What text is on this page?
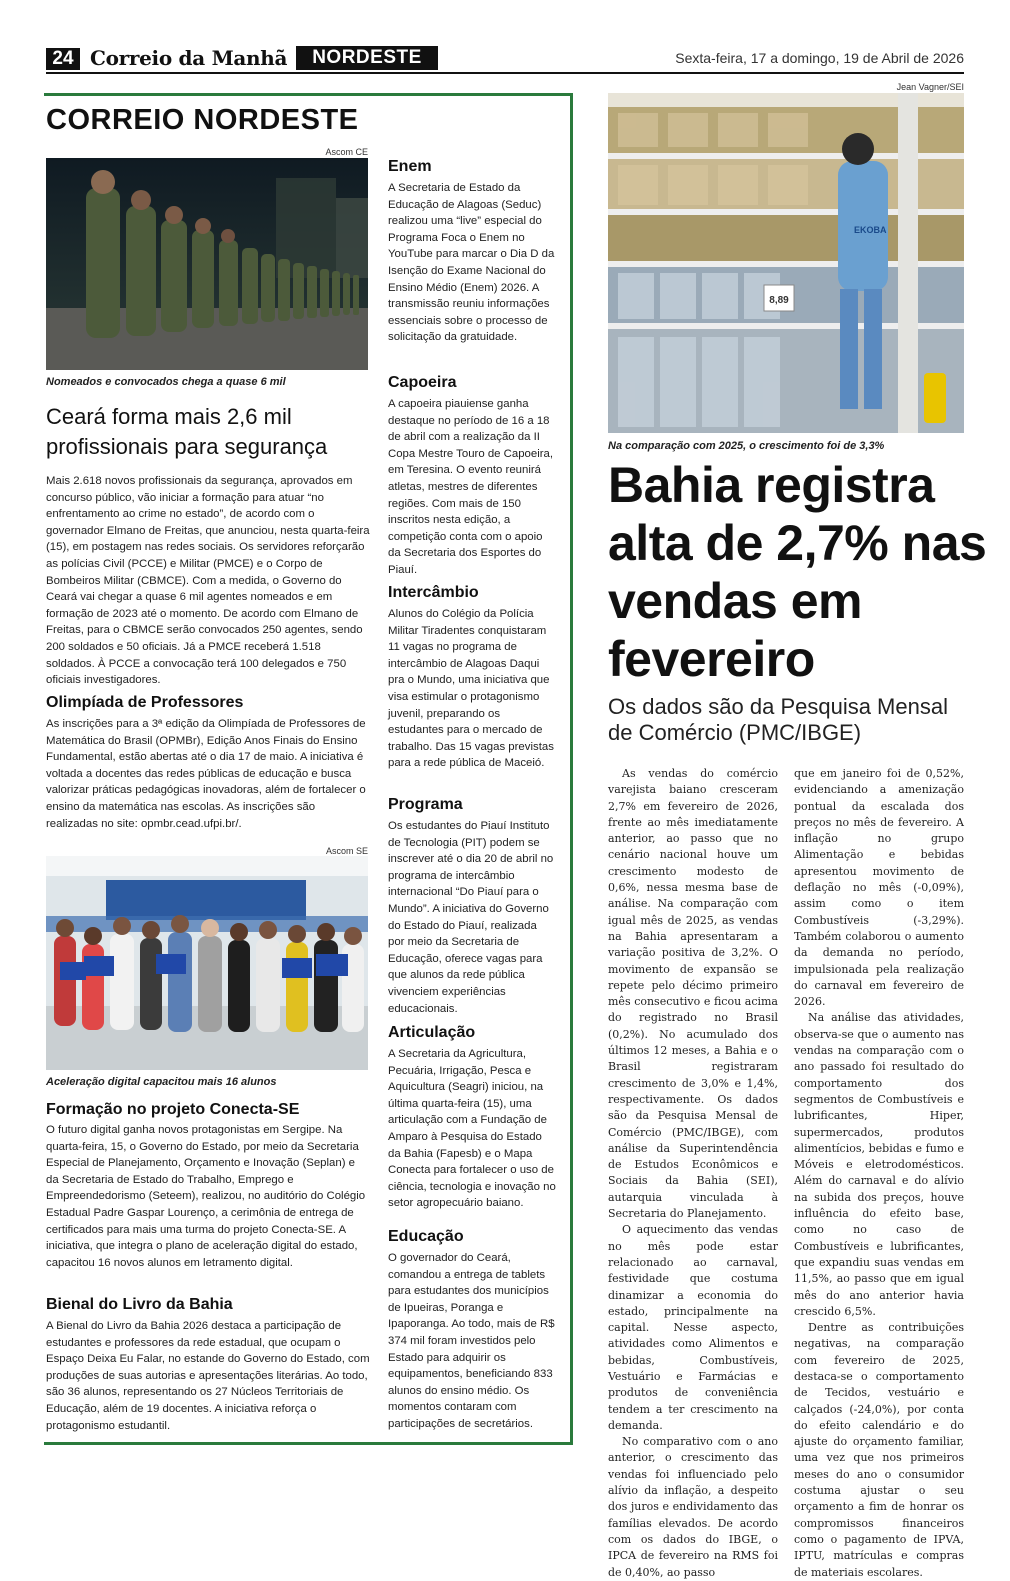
24 Correio da Manhã	NORDESTE	Sexta-feira, 17 a domingo, 19 de Abril de 2026
CORREIO NORDESTE
Ascom CE
Nomeados e convocados chega a quase 6 mil
Ceará forma mais 2,6 mil profissionais para segurança
Mais 2.618 novos profissionais da segurança, aprovados em concurso público, vão iniciar a formação para atuar “no enfrentamento ao crime no estado”, de acordo com o governador Elmano de Freitas, que anunciou, nesta quarta-feira (15), em postagem nas redes sociais. Os servidores reforçarão as polícias Civil (PCCE) e Militar (PMCE) e o Corpo de Bombeiros Militar (CBMCE). Com a medida, o Governo do Ceará vai chegar a quase 6 mil agentes nomeados e em formação de 2023 até o momento. De acordo com Elmano de Freitas, para o CBMCE serão convocados 250 agentes, sendo 200 soldados e 50 oficiais. Já a PMCE receberá 1.518 soldados. À PCCE a convocação terá 100 delegados e 750 oficiais investigadores.
Olimpíada de Professores
As inscrições para a 3ª edição da Olimpíada de Professores de Matemática do Brasil (OPMBr), Edição Anos Finais do Ensino Fundamental, estão abertas até o dia 17 de maio. A iniciativa é voltada a docentes das redes públicas de educação e busca valorizar práticas pedagógicas inovadoras, além de fortalecer o ensino da matemática nas escolas. As inscrições são realizadas no site: opmbr.cead.ufpi.br/.
Ascom SE
Aceleração digital capacitou mais 16 alunos
Formação no projeto Conecta-SE
O futuro digital ganha novos protagonistas em Sergipe. Na quarta-feira, 15, o Governo do Estado, por meio da Secretaria Especial de Planejamento, Orçamento e Inovação (Seplan) e da Secretaria de Estado do Trabalho, Emprego e Empreendedorismo (Seteem), realizou, no auditório do Colégio Estadual Padre Gaspar Lourenço, a cerimônia de entrega de certificados para mais uma turma do projeto Conecta-SE. A iniciativa, que integra o plano de aceleração digital do estado, capacitou 16 novos alunos em letramento digital.
Bienal do Livro da Bahia
A Bienal do Livro da Bahia 2026 destaca a participação de estudantes e professores da rede estadual, que ocupam o Espaço Deixa Eu Falar, no estande do Governo do Estado, com produções de suas autorias e apresentações literárias. Ao todo, são 36 alunos, representando os 27 Núcleos Territoriais de Educação, além de 19 docentes. A iniciativa reforça o protagonismo estudantil.
Enem
A Secretaria de Estado da Educação de Alagoas (Seduc) realizou uma “live” especial do Programa Foca o Enem no YouTube para marcar o Dia D da Isenção do Exame Nacional do Ensino Médio (Enem) 2026. A transmissão reuniu informações essenciais sobre o processo de solicitação da gratuidade.
Capoeira
A capoeira piauiense ganha destaque no período de 16 a 18 de abril com a realização da II Copa Mestre Touro de Capoeira, em Teresina. O evento reunirá atletas, mestres de diferentes regiões. Com mais de 150 inscritos nesta edição, a competição conta com o apoio da Secretaria dos Esportes do Piauí.
Intercâmbio
Alunos do Colégio da Polícia Militar Tiradentes conquistaram 11 vagas no programa de intercâmbio de Alagoas Daqui pra o Mundo, uma iniciativa que visa estimular o protagonismo juvenil, preparando os estudantes para o mercado de trabalho. Das 15 vagas previstas para a rede pública de Maceió.
Programa
Os estudantes do Piauí Instituto de Tecnologia (PIT) podem se inscrever até o dia 20 de abril no programa de intercâmbio internacional “Do Piauí para o Mundo”. A iniciativa do Governo do Estado do Piauí, realizada por meio da Secretaria de Educação, oferece vagas para que alunos da rede pública vivenciem experiências educacionais.
Articulação
A Secretaria da Agricultura, Pecuária, Irrigação, Pesca e Aquicultura (Seagri) iniciou, na última quarta-feira (15), uma articulação com a Fundação de Amparo à Pesquisa do Estado da Bahia (Fapesb) e o Mapa Conecta para fortalecer o uso de ciência, tecnologia e inovação no setor agropecuário baiano.
Educação
O governador do Ceará, comandou a entrega de tablets para estudantes dos municípios de Ipueiras, Poranga e Ipaporanga. Ao todo, mais de R$ 374 mil foram investidos pelo Estado para adquirir os equipamentos, beneficiando 833 alunos do ensino médio. Os momentos contaram com participações de secretários.
Jean Vagner/SEI
8,89
EKOBA
Na comparação com 2025, o crescimento foi de 3,3%
Bahia registra alta de 2,7% nas vendas em fevereiro
Os dados são da Pesquisa Mensal de Comércio (PMC/IBGE)

As vendas do comércio varejista baiano cresceram 2,7% em fevereiro de 2026, frente ao mês imediatamente anterior, ao passo que no cenário nacional houve um crescimento modesto de 0,6%, nessa mesma base de análise. Na comparação com igual mês de 2025, as vendas na Bahia apresentaram a variação positiva de 3,2%. O movimento de expansão se repete pelo décimo primeiro mês consecutivo e ficou acima do registrado no Brasil (0,2%). No acumulado dos últimos 12 meses, a Bahia e o Brasil registraram crescimento de 3,0% e 1,4%, respectivamente. Os dados são da Pesquisa Mensal de Comércio (PMC/IBGE), com análise da Superintendência de Estudos Econômicos e Sociais da Bahia (SEI), autarquia vinculada à Secretaria do Planejamento.

O aquecimento das vendas no mês pode estar relacionado ao carnaval, festividade que costuma dinamizar a economia do estado, principalmente na capital. Nesse aspecto, atividades como Alimentos e bebidas, Combustíveis, Vestuário e Farmácias e produtos de conveniência tendem a ter crescimento na demanda.

No comparativo com o ano anterior, o crescimento das vendas foi influenciado pelo alívio da inflação, a despeito dos juros e endividamento das famílias elevados. De acordo com os dados do IBGE, o IPCA de fevereiro na RMS foi de 0,40%, ao passo

que em janeiro foi de 0,52%, evidenciando a amenização pontual da escalada dos preços no mês de fevereiro. A inflação no grupo Alimentação e bebidas apresentou movimento de deflação no mês (-0,09%), assim como o item Combustíveis (-3,29%). Também colaborou o aumento da demanda no período, impulsionada pela realização do carnaval em fevereiro de 2026.

Na análise das atividades, observa-se que o aumento nas vendas na comparação com o ano passado foi resultado do comportamento dos segmentos de Combustíveis e lubrificantes, Hiper, supermercados, produtos alimentícios, bebidas e fumo e Móveis e eletrodomésticos. Além do carnaval e do alívio na subida dos preços, houve influência do efeito base, como no caso de Combustíveis e lubrificantes, que expandiu suas vendas em 11,5%, ao passo que em igual mês do ano anterior havia crescido 6,5%.

Dentre as contribuições negativas, na comparação com fevereiro de 2025, destaca-se o comportamento de Tecidos, vestuário e calçados (-24,0%), por conta do efeito calendário e do ajuste do orçamento familiar, uma vez que nos primeiros meses do ano o consumidor costuma ajustar o seu orçamento a fim de honrar os compromissos financeiros como o pagamento de IPVA, IPTU, matrículas e compras de materiais escolares.
